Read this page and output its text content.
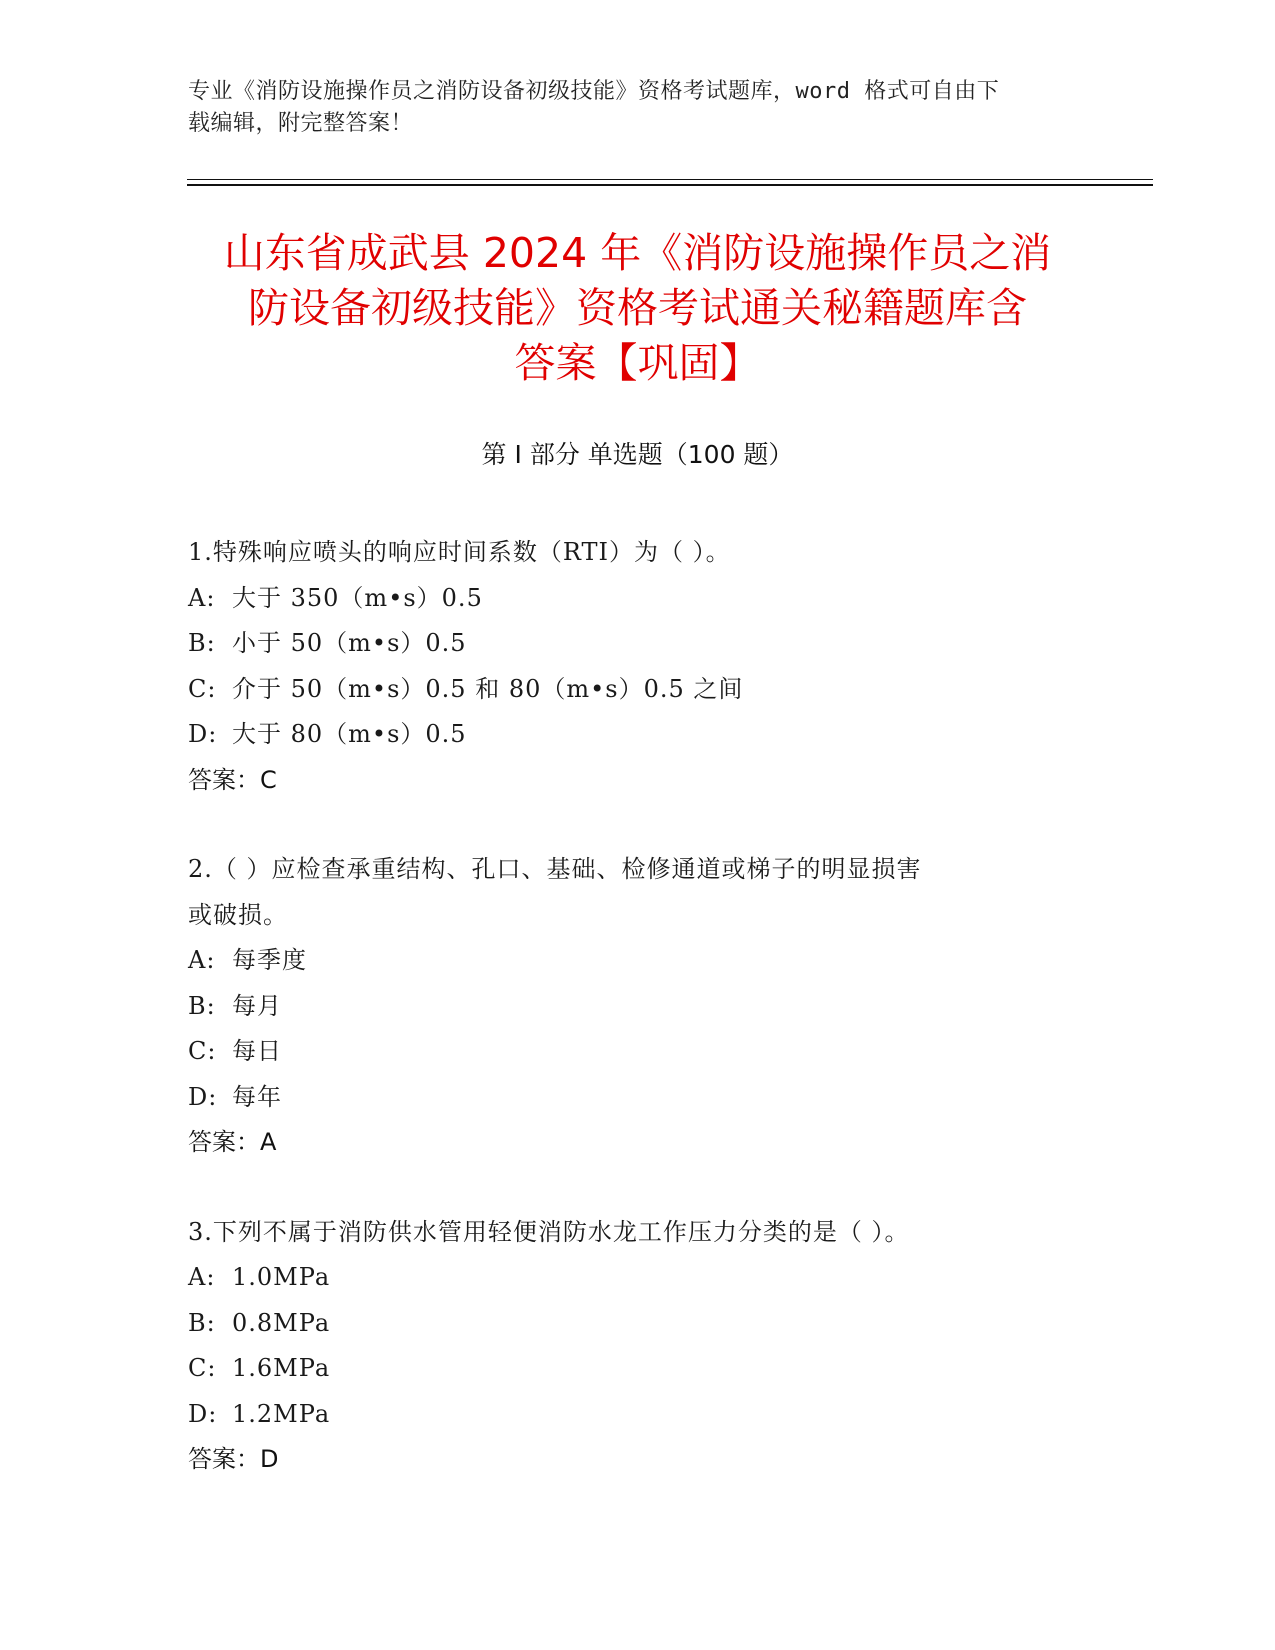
专业《消防设施操作员之消防设备初级技能》资格考试题库，word 格式可自由下
载编辑，附完整答案！
山东省成武县 2024 年《消防设施操作员之消
防设备初级技能》资格考试通关秘籍题库含
答案【巩固】
第 I 部分 单选题（100 题）
1.特殊响应喷头的响应时间系数（RTI）为（ ）。
A: 大于 350（m•s）0.5
B: 小于 50（m•s）0.5
C: 介于 50（m•s）0.5 和 80（m•s）0.5 之间
D: 大于 80（m•s）0.5
答案：C
2.（ ）应检查承重结构、孔口、基础、检修通道或梯子的明显损害
或破损。
A: 每季度
B: 每月
C: 每日
D: 每年
答案：A
3.下列不属于消防供水管用轻便消防水龙工作压力分类的是（ ）。
A: 1.0MPa
B: 0.8MPa
C: 1.6MPa
D: 1.2MPa
答案：D
